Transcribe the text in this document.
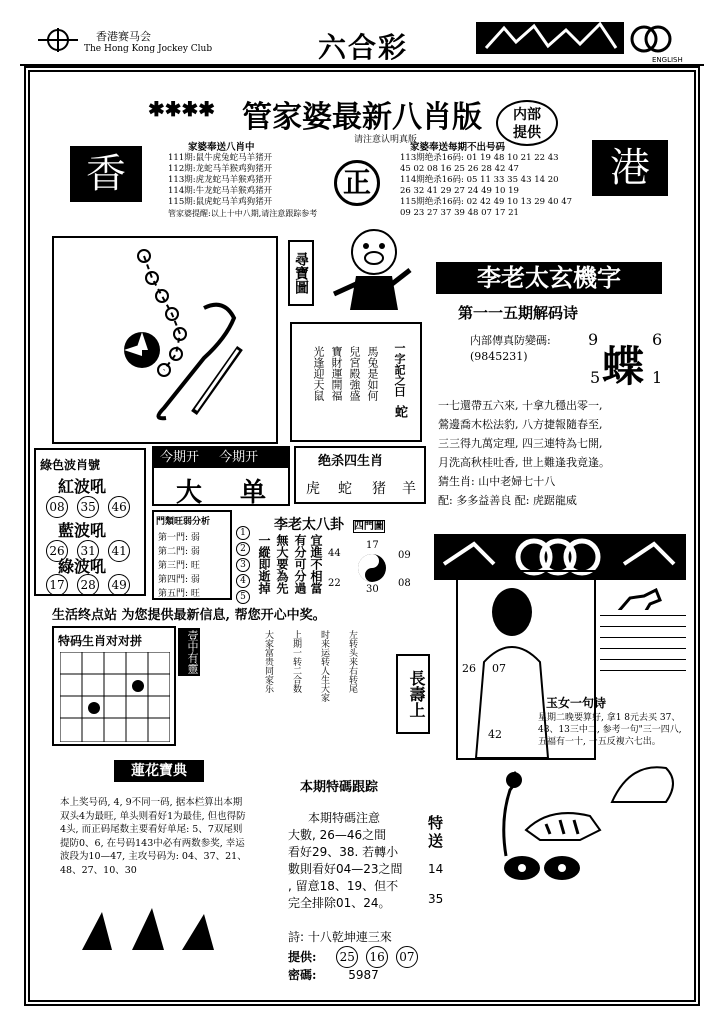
香港赛马会
The Hong Kong Jockey Club	六合彩	ENGLISH
✱✱✱✱ 管家婆最新八肖版
请注意认明真版
内部
提供
香	港
正
家婆奉送八肖中
111期:鼠牛虎兔蛇马羊猪开
112期:龙蛇马羊猴鸡狗猪开
113期:虎龙蛇马羊猴鸡猪开
114期:牛龙蛇马羊猴鸡猪开
115期:鼠虎蛇马羊鸡狗猪开
管家婆提醒:以上十中八期,请注意跟踪参考
家婆奉送每期不出号码
113期绝杀16码: 01 19 48 10 21 22 43
45 02 08 16 25 26 28 42 47
114期绝杀16码: 05 11 33 35 43 14 20
26 32 41 29 27 24 49 10 19
115期绝杀16码: 02 42 49 10 13 29 40 47
09 23 27 37 39 48 07 17 21
尋寶圖
一字記之曰 蛇
馬兔是如何
兒宮殿強盛
寶財運開福
光逢迎天鼠
李老太玄機字
第一一五期解码诗
内部傳真防變碼:
(9845231)
9
蝶
6
5	1
一七還帶五六來, 十拿九穩出零一,
鶯邊喬木松法豹, 八方捷報隨春至,
三三得九萬定理, 四三連特為七開,
月洗高秋桂吐香, 世上難逢我竟逢。
猜生肖: 山中老婦七十八
配: 多多益善良 配: 虎踞龍威
綠色波肖號
紅波吼
08 35 46
藍波吼
26 31 41
綠波吼
17 28 49
今期开 今期开
大 单
绝杀四生肖
虎 蛇 猪 羊
門類旺弱分析
第一門: 弱
第二門: 弱
第三門: 旺
第四門: 弱
第五門: 旺
1
2
3
4
5
李老太八卦 四門圖
宜進不相當
有分可分過
無大要為先
一縱即逝掉	44
17
09
22
30
08
生活终点站 为您提供最新信息, 帮您开心中奖。
特码生肖对对拼	壹中有靈	大家富贵同家乐 上期一转二合数 时来运转人生大家 左转头来右转尾
長壽上
26 07
42
玉女一句诗
星期二晚要算好, 拿1 8元去买 37、48、13三中二, 参考一句"三一四八, 五福有一十, 一五反複六七出。
蓮花寶典
本上奖号码, 4, 9不同一码, 据本栏算出本期双头4为最旺, 单头则看好1为最佳, 但也得防4头, 而正码尾数主要看好单尾: 5、7双尾则提防0、6, 在号码143中必有两数参奖, 幸运波段为10—47, 主攻号码为: 04、37、21、48、27、10、30
本期特碼跟踪
本期特碼注意
大數, 26—46之間
看好29、38. 若轉小
數則看好04—23之間
, 留意18、19、但不
完全排除01、24。
特送
14
35
詩: 十八乾坤連三來
提供: 25 16 07
密碼:	5987
